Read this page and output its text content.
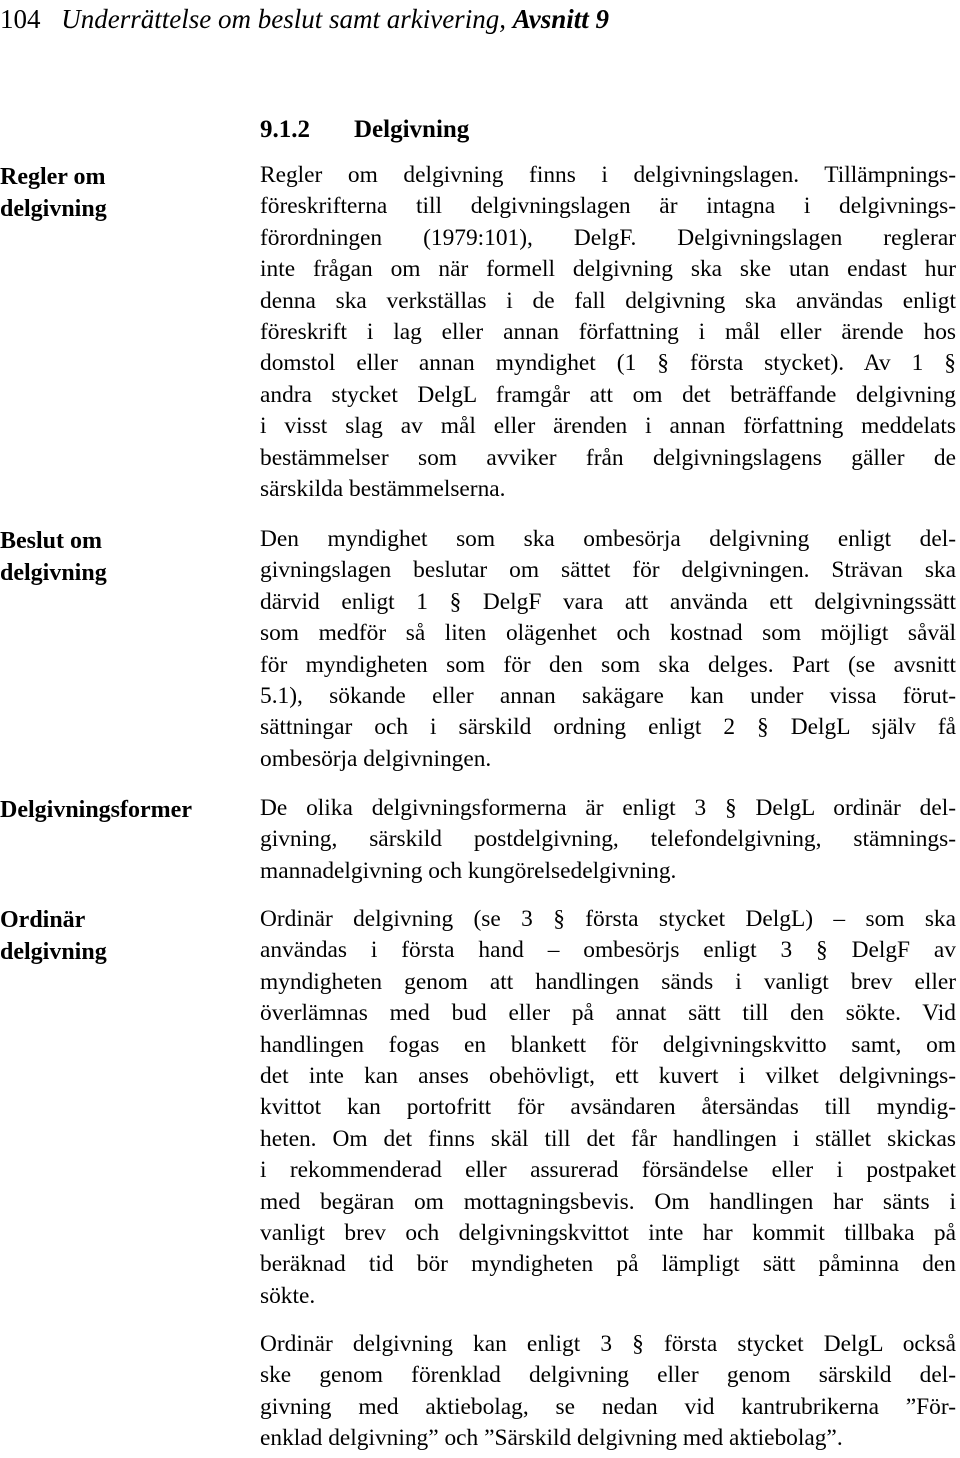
104 Underrättelse om beslut samt arkivering, Avsnitt 9
9.1.2 Delgivning
Regler om
delgivning
Beslut om
delgivning
Delgivningsformer
Ordinär
delgivning
Regler om delgivning finns i delgivningslagen. Tillämpnings-
föreskrifterna till delgivningslagen är intagna i delgivnings-
förordningen (1979:101), DelgF. Delgivningslagen reglerar
inte frågan om när formell delgivning ska ske utan endast hur
denna ska verkställas i de fall delgivning ska användas enligt
föreskrift i lag eller annan författning i mål eller ärende hos
domstol eller annan myndighet (1 § första stycket). Av 1 §
andra stycket DelgL framgår att om det beträffande delgivning
i visst slag av mål eller ärenden i annan författning meddelats
bestämmelser som avviker från delgivningslagens gäller de
särskilda bestämmelserna.
Den myndighet som ska ombesörja delgivning enligt del-
givningslagen beslutar om sättet för delgivningen. Strävan ska
därvid enligt 1 § DelgF vara att använda ett delgivningssätt
som medför så liten olägenhet och kostnad som möjligt såväl
för myndigheten som för den som ska delges. Part (se avsnitt
5.1), sökande eller annan sakägare kan under vissa förut-
sättningar och i särskild ordning enligt 2 § DelgL själv få
ombesörja delgivningen.
De olika delgivningsformerna är enligt 3 § DelgL ordinär del-
givning, särskild postdelgivning, telefondelgivning, stämnings-
mannadelgivning och kungörelsedelgivning.
Ordinär delgivning (se 3 § första stycket DelgL) – som ska
användas i första hand – ombesörjs enligt 3 § DelgF av
myndigheten genom att handlingen sänds i vanligt brev eller
överlämnas med bud eller på annat sätt till den sökte. Vid
handlingen fogas en blankett för delgivningskvitto samt, om
det inte kan anses obehövligt, ett kuvert i vilket delgivnings-
kvittot kan portofritt för avsändaren återsändas till myndig-
heten. Om det finns skäl till det får handlingen i stället skickas
i rekommenderad eller assurerad försändelse eller i postpaket
med begäran om mottagningsbevis. Om handlingen har sänts i
vanligt brev och delgivningskvittot inte har kommit tillbaka på
beräknad tid bör myndigheten på lämpligt sätt påminna den
sökte.
Ordinär delgivning kan enligt 3 § första stycket DelgL också
ske genom förenklad delgivning eller genom särskild del-
givning med aktiebolag, se nedan vid kantrubrikerna ”För-
enklad delgivning” och ”Särskild delgivning med aktiebolag”.
